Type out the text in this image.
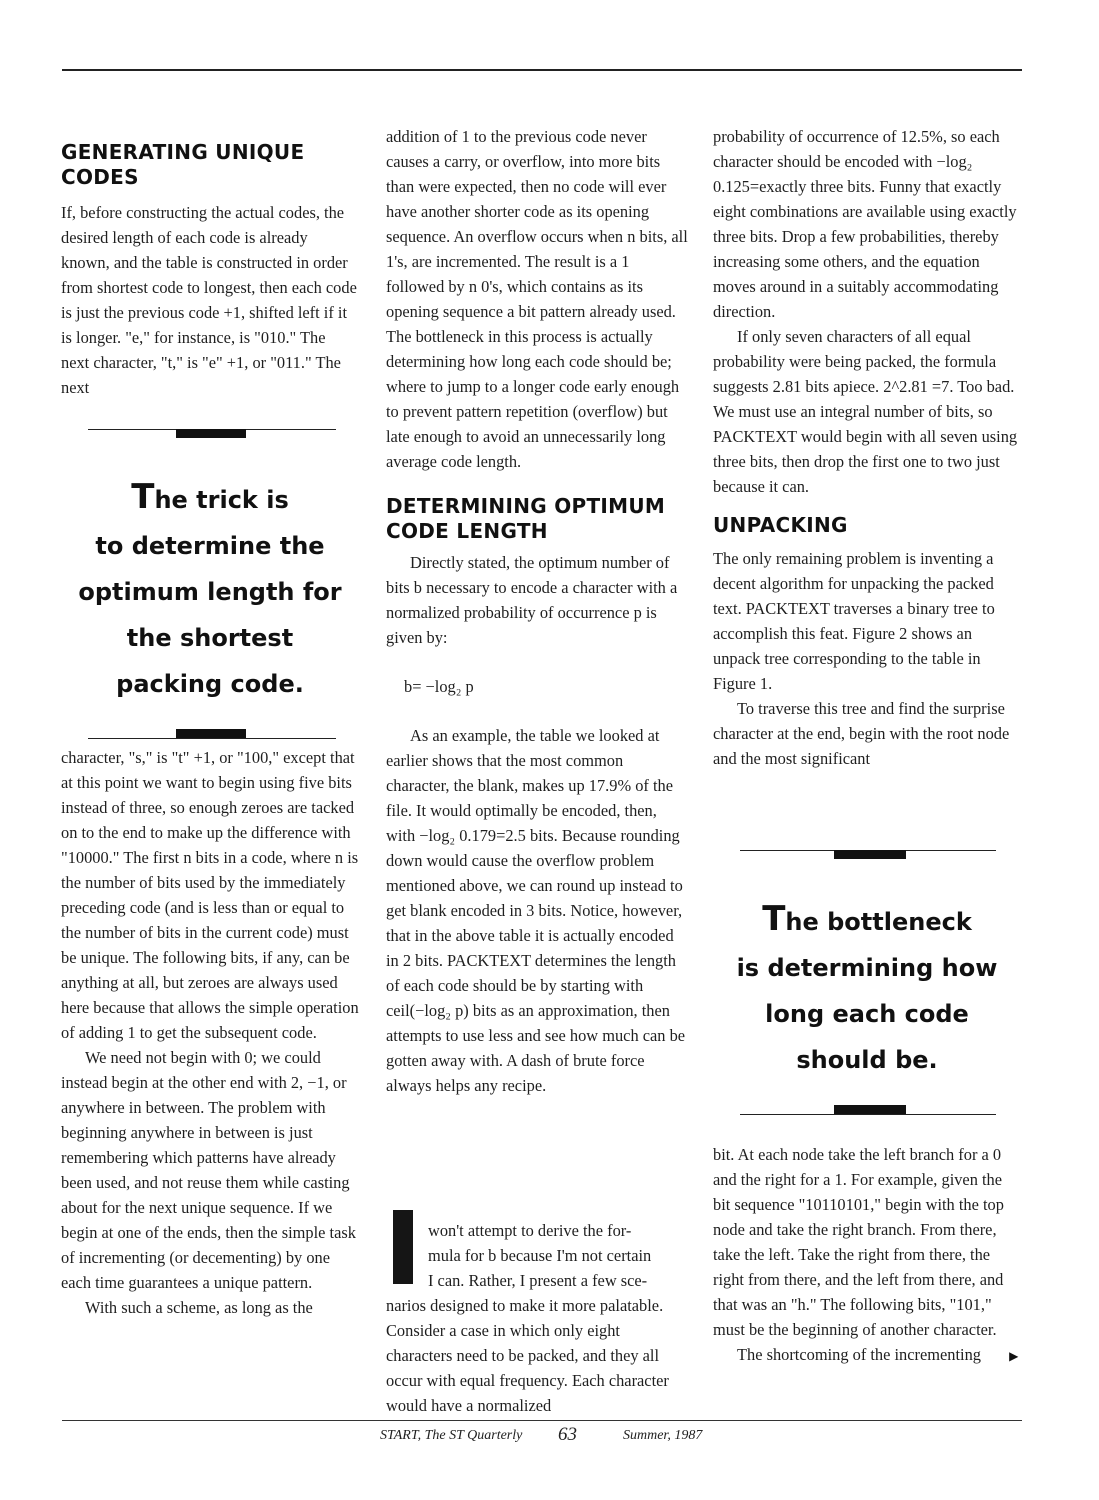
GENERATING UNIQUE CODES

If, before constructing the actual codes, the desired length of each code is already known, and the table is constructed in order from shortest code to longest, then each code is just the previous code +1, shifted left if it is longer. "e," for instance, is "010." The next character, "t," is "e" +1, or "011." The next

The trick is
to determine the
optimum length for
the shortest
packing code.

character, "s," is "t" +1, or "100," except that at this point we want to begin using five bits instead of three, so enough zeroes are tacked on to the end to make up the difference with "10000." The first n bits in a code, where n is the number of bits used by the immediately preceding code (and is less than or equal to the number of bits in the current code) must be unique. The following bits, if any, can be anything at all, but zeroes are always used here because that allows the simple operation of adding 1 to get the subsequent code.

We need not begin with 0; we could instead begin at the other end with 2, −1, or anywhere in between. The problem with beginning anywhere in between is just remembering which patterns have already been used, and not reuse them while casting about for the next unique sequence. If we begin at one of the ends, then the simple task of incrementing (or decementing) by one each time guarantees a unique pattern.

With such a scheme, as long as the

addition of 1 to the previous code never causes a carry, or overflow, into more bits than were expected, then no code will ever have another shorter code as its opening sequence. An overflow occurs when n bits, all 1's, are incremented. The result is a 1 followed by n 0's, which contains as its opening sequence a bit pattern already used. The bottleneck in this process is actually determining how long each code should be; where to jump to a longer code early enough to prevent pattern repetition (overflow) but late enough to avoid an unnecessarily long average code length.

DETERMINING OPTIMUM CODE LENGTH

Directly stated, the optimum number of bits b necessary to encode a character with a normalized probability of occurrence p is given by:

b= −log₂ p

As an example, the table we looked at earlier shows that the most common character, the blank, makes up 17.9% of the file. It would optimally be encoded, then, with −log₂ 0.179=2.5 bits. Because rounding down would cause the overflow problem mentioned above, we can round up instead to get blank encoded in 3 bits. Notice, however, that in the above table it is actually encoded in 2 bits. PACKTEXT determines the length of each code should be by starting with ceil(−log₂ p) bits as an approximation, then attempts to use less and see how much can be gotten away with. A dash of brute force always helps any recipe.

won't attempt to derive the for-

mula for b because I'm not certain

I can. Rather, I present a few sce-

narios designed to make it more palatable. Consider a case in which only eight characters need to be packed, and they all occur with equal frequency. Each character would have a normalized

probability of occurrence of 12.5%, so each character should be encoded with −log₂ 0.125=exactly three bits. Funny that exactly eight combinations are available using exactly three bits. Drop a few probabilities, thereby increasing some others, and the equation moves around in a suitably accommodating direction.

If only seven characters of all equal probability were being packed, the formula suggests 2.81 bits apiece. 2^2.81 =7. Too bad. We must use an integral number of bits, so PACKTEXT would begin with all seven using three bits, then drop the first one to two just because it can.

UNPACKING

The only remaining problem is inventing a decent algorithm for unpacking the packed text. PACKTEXT traverses a binary tree to accomplish this feat. Figure 2 shows an unpack tree corresponding to the table in Figure 1.

To traverse this tree and find the surprise character at the end, begin with the root node and the most significant

The bottleneck
is determining how
long each code
should be.

bit. At each node take the left branch for a 0 and the right for a 1. For example, given the bit sequence "10110101," begin with the top node and take the right branch. From there, take the left. Take the right from there, the right from there, and the left from there, and that was an "h." The following bits, "101," must be the beginning of another character.

The shortcoming of the incrementing ▶

START, The ST Quarterly 63	Summer, 1987
